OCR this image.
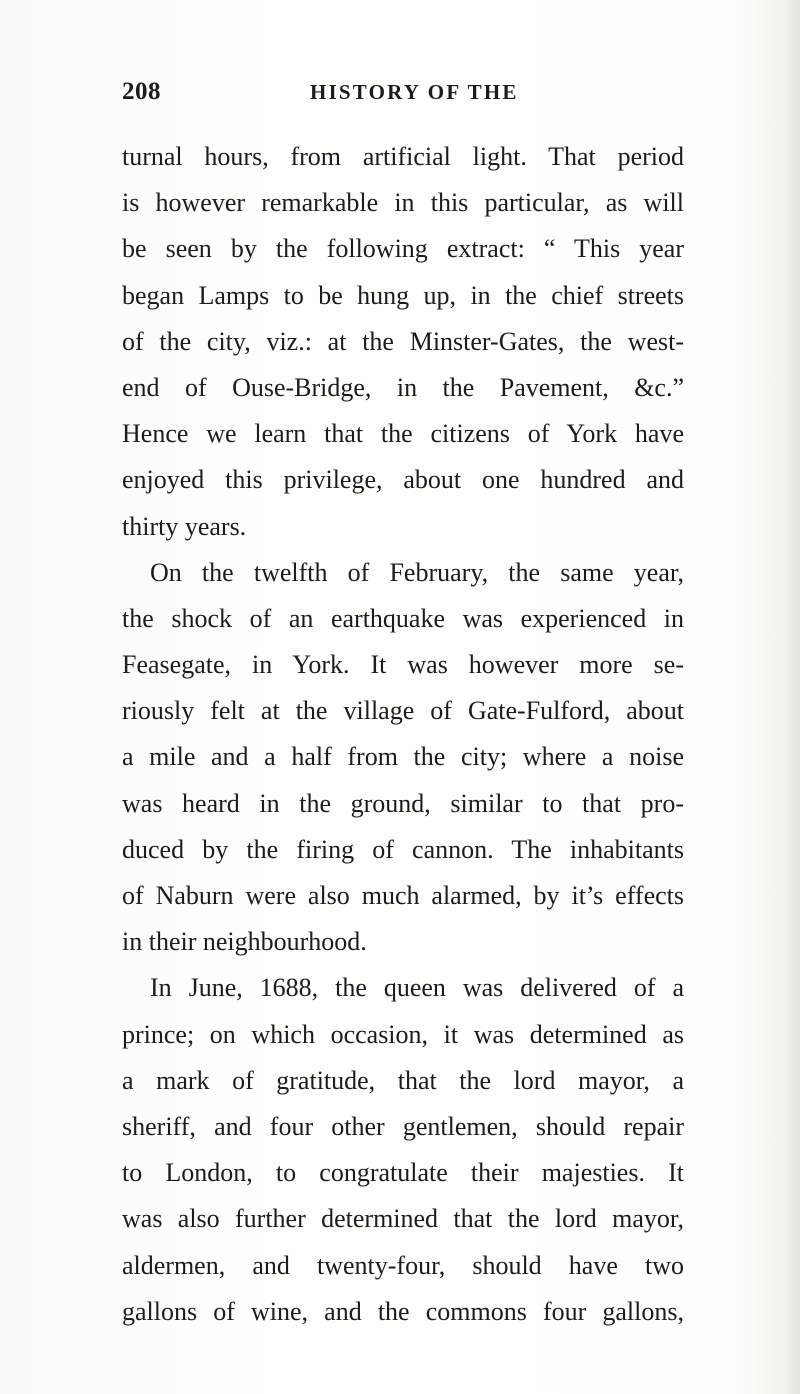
208	HISTORY OF THE
turnal hours, from artificial light. That period
is however remarkable in this particular, as will
be seen by the following extract: “ This year
began Lamps to be hung up, in the chief streets
of the city, viz.: at the Minster-Gates, the west-
end of Ouse-Bridge, in the Pavement, &c.”
Hence we learn that the citizens of York have
enjoyed this privilege, about one hundred and
thirty years.
On the twelfth of February, the same year,
the shock of an earthquake was experienced in
Feasegate, in York. It was however more se-
riously felt at the village of Gate-Fulford, about
a mile and a half from the city; where a noise
was heard in the ground, similar to that pro-
duced by the firing of cannon. The inhabitants
of Naburn were also much alarmed, by it’s effects
in their neighbourhood.
In June, 1688, the queen was delivered of a
prince; on which occasion, it was determined as
a mark of gratitude, that the lord mayor, a
sheriff, and four other gentlemen, should repair
to London, to congratulate their majesties. It
was also further determined that the lord mayor,
aldermen, and twenty-four, should have two
gallons of wine, and the commons four gallons,
